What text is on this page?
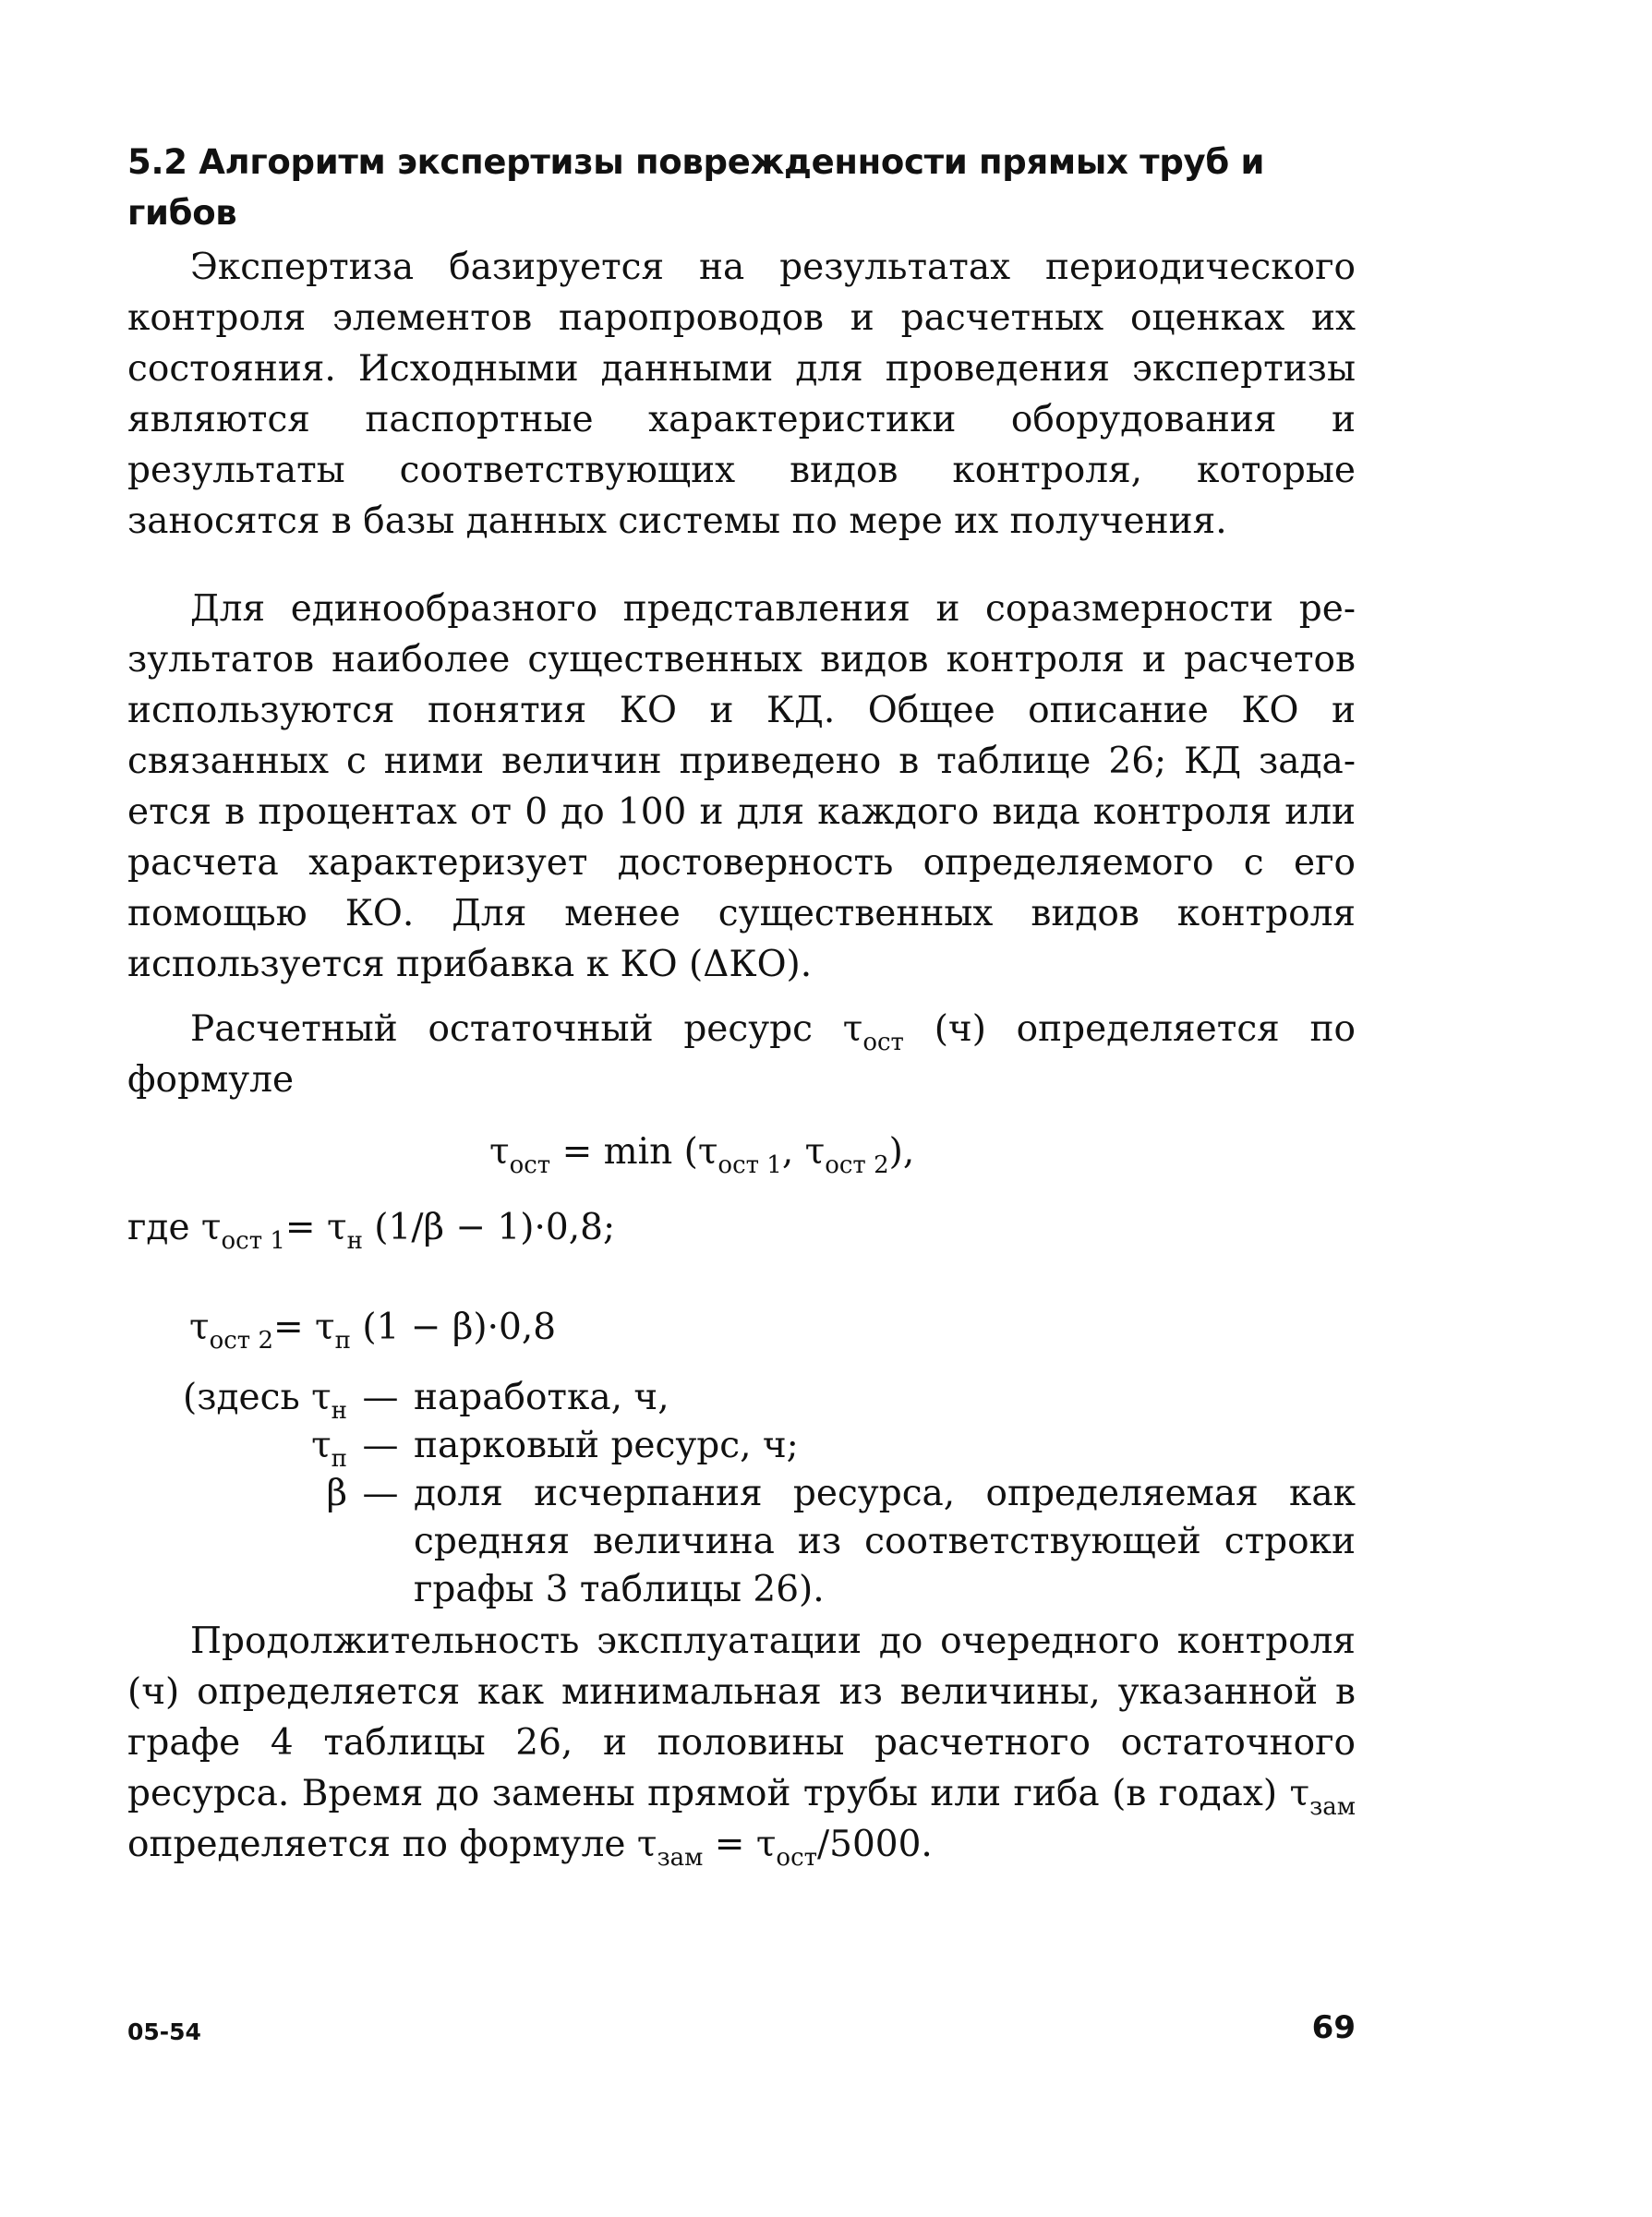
5.2 Алгоритм экспертизы поврежденности прямых труб и гибов

Экспертиза базируется на результатах периодического контроля элементов паропроводов и расчетных оценках их состояния. Исходными данными для проведения экспертизы являются паспортные характеристики оборудования и результаты соответствующих видов контроля, которые заносятся в базы данных системы по мере их получения.

Для единообразного представления и соразмерности результатов наиболее существенных видов контроля и расчетов используются понятия КО и КД. Общее описание КО и связанных с ними величин приведено в таблице 26; КД задается в процентах от 0 до 100 и для каждого вида контроля или расчета характеризует достоверность определяемого с его помощью КО. Для менее существенных видов контроля используется прибавка к КО (ΔКО).

Расчетный остаточный ресурс $\tau_{ост}$ (ч) определяется по формуле

$\tau_{ост} = \min (\tau_{ост 1}$, $\tau_{ост 2}$),
где $\tau_{ост 1}= \tau_н$ (1/β − 1)·0,8;
$\tau_{ост 2}= \tau_п$ (1 − β)·0,8
(здесь $\tau_н$ — наработка, ч,
$\tau_п$ — парковый ресурс, ч;
β — доля исчерпания ресурса, определяемая как средняя величина из соответствующей строки графы 3 таблицы 26).

Продолжительность эксплуатации до очередного контроля (ч) определяется как минимальная из величины, указанной в графе 4 таблицы 26, и половины расчетного остаточного ресурса. Время до замены прямой трубы или гиба (в годах) $\tau_{зам}$ определяется по формуле $\tau_{зам} = \tau_{ост}/5000$.

05-54	69
